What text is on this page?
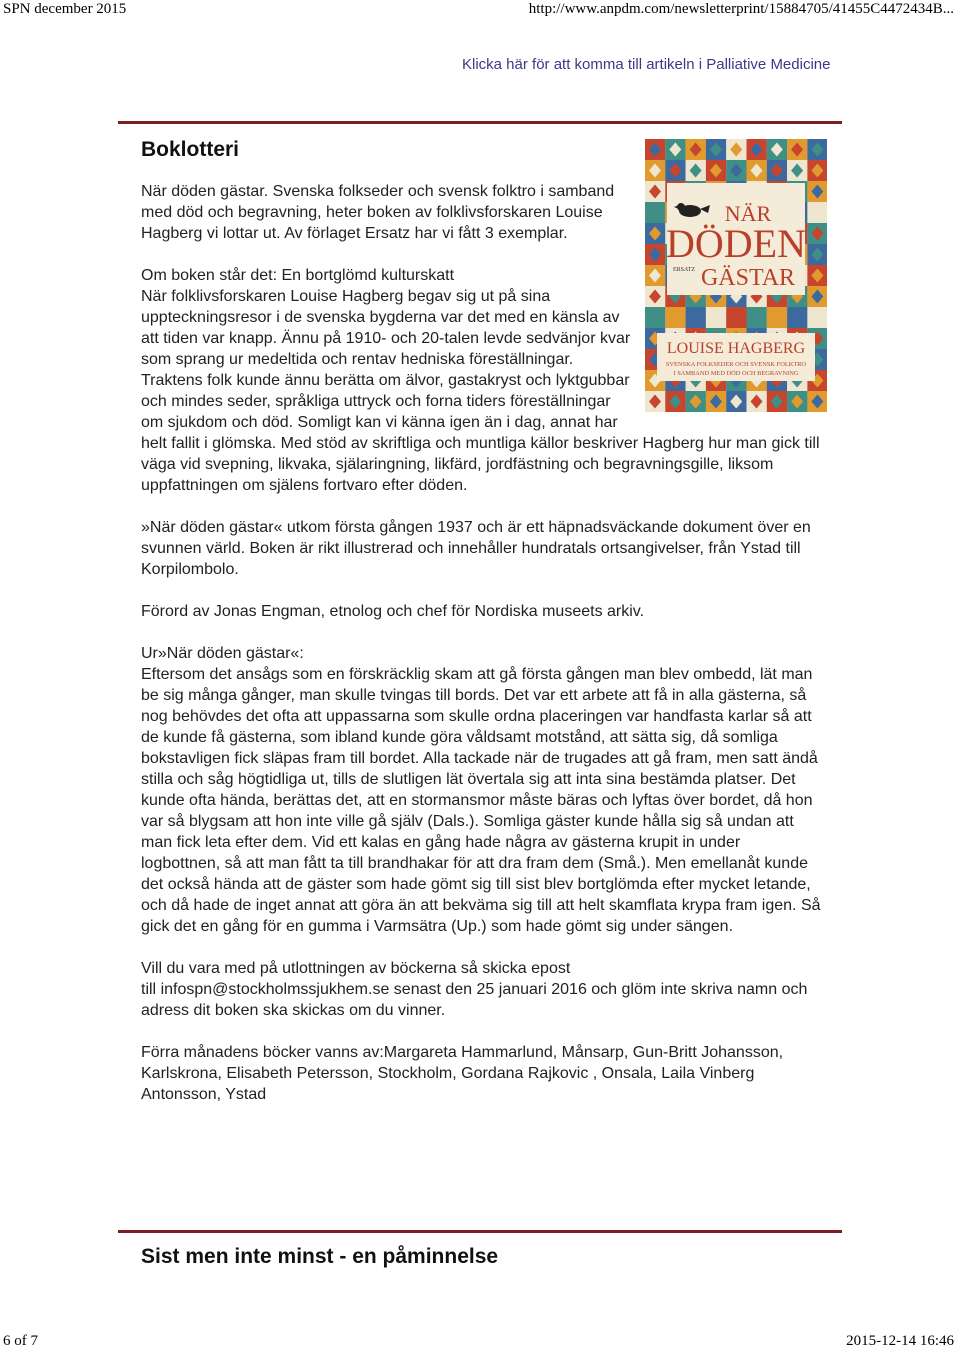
SPN december 2015	http://www.anpdm.com/newsletterprint/15884705/41455C4472434B...
Klicka här för att komma till artikeln i Palliative Medicine
Boklotteri
NÄR
DÖDEN
GÄSTAR
ERSATZ
LOUISE HAGBERG
SVENSKA FOLKSEDER OCH SVENSK FOLKTRO
I SAMBAND MED DÖD OCH BEGRAVNING

När döden gästar. Svenska folkseder och svensk folktro i samband med död och begravning, heter boken av folklivsforskaren Louise Hagberg vi lottar ut. Av förlaget Ersatz har vi fått 3 exemplar.

Om boken står det: En bortglömd kulturskatt
När folklivsforskaren Louise Hagberg begav sig ut på sina uppteckningsresor i de svenska bygderna var det med en känsla av att tiden var knapp. Ännu på 1910- och 20-talen levde sedvänjor kvar som sprang ur medeltida och rentav hedniska föreställningar. Traktens folk kunde ännu berätta om älvor, gastakryst och lyktgubbar och mindes seder, språkliga uttryck och forna tiders föreställningar om sjukdom och död. Somligt kan vi känna igen än i dag, annat har helt fallit i glömska. Med stöd av skriftliga och muntliga källor beskriver Hagberg hur man gick till väga vid svepning, likvaka, själaringning, likfärd, jordfästning och begravningsgille, liksom uppfattningen om själens fortvaro efter döden.

»När döden gästar« utkom första gången 1937 och är ett häpnadsväckande dokument över en svunnen värld. Boken är rikt illustrerad och innehåller hundratals ortsangivelser, från Ystad till Korpilombolo.

Förord av Jonas Engman, etnolog och chef för Nordiska museets arkiv.

Ur»När döden gästar«:
Eftersom det ansågs som en förskräcklig skam att gå första gången man blev ombedd, lät man be sig många gånger, man skulle tvingas till bords. Det var ett arbete att få in alla gästerna, så nog behövdes det ofta att uppassarna som skulle ordna placeringen var handfasta karlar så att de kunde få gästerna, som ibland kunde göra våldsamt motstånd, att sätta sig, då somliga bokstavligen fick släpas fram till bordet. Alla tackade när de trugades att gå fram, men satt ändå stilla och såg högtidliga ut, tills de slutligen lät övertala sig att inta sina bestämda platser. Det kunde ofta hända, berättas det, att en stormansmor måste bäras och lyftas över bordet, då hon var så blygsam att hon inte ville gå själv (Dals.). Somliga gäster kunde hålla sig så undan att man fick leta efter dem. Vid ett kalas en gång hade några av gästerna krupit in under logbottnen, så att man fått ta till brandhakar för att dra fram dem (Små.). Men emellanåt kunde det också hända att de gäster som hade gömt sig till sist blev bortglömda efter mycket letande, och då hade de inget annat att göra än att bekväma sig till att helt skamflata krypa fram igen. Så gick det en gång för en gumma i Varmsätra (Up.) som hade gömt sig under sängen.

Vill du vara med på utlottningen av böckerna så skicka epost
till infospn@stockholmssjukhem.se senast den 25 januari 2016 och glöm inte skriva namn och adress dit boken ska skickas om du vinner.

Förra månadens böcker vanns av:Margareta Hammarlund, Månsarp, Gun-Britt Johansson, Karlskrona, Elisabeth Petersson, Stockholm, Gordana Rajkovic , Onsala, Laila Vinberg Antonsson, Ystad

Sist men inte minst - en påminnelse
6 of 7	2015-12-14 16:46
